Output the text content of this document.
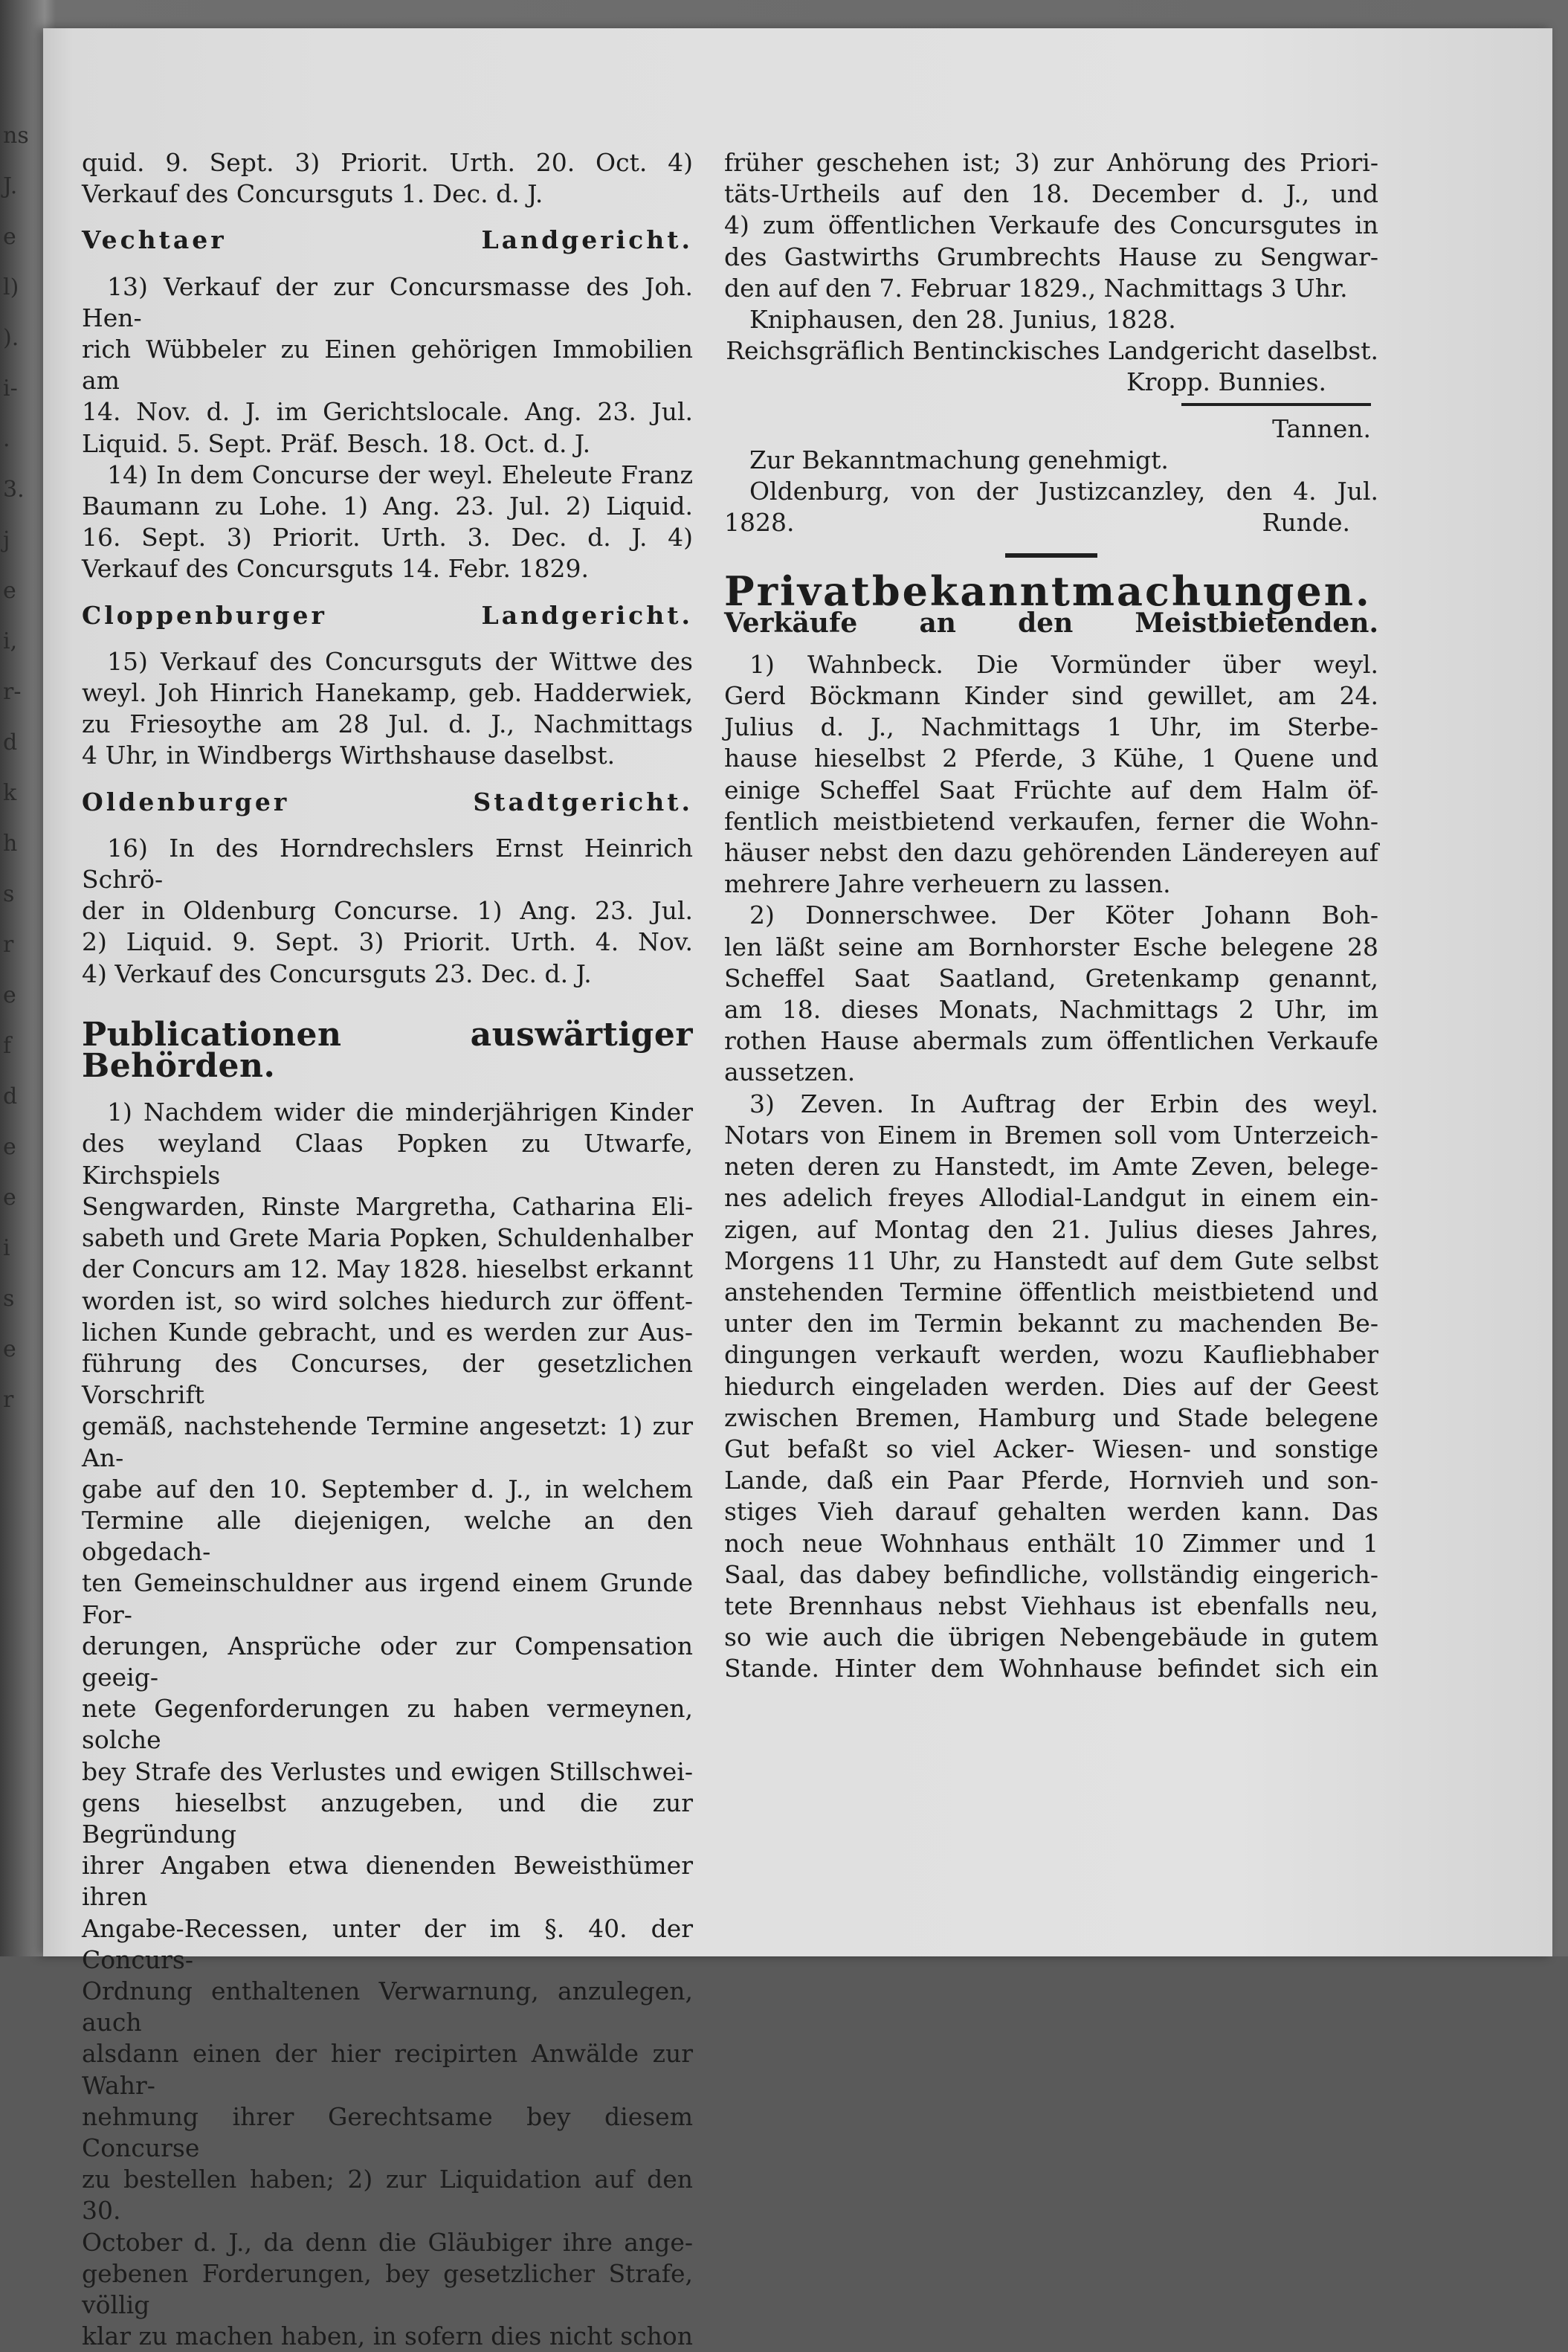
ns
J.
e
l)
).
i-
.
3.
j
e
i,
r-
d
k
h
s
r
e
f
d
e
e
i
s
e
r

quid. 9. Sept. 3) Priorit. Urth. 20. Oct. 4)

Verkauf des Concursguts 1. Dec. d. J.

Vechtaer Landgericht.

13) Verkauf der zur Concursmasse des Joh. Hen-

rich Wübbeler zu Einen gehörigen Immobilien am

14. Nov. d. J. im Gerichtslocale. Ang. 23. Jul.

Liquid. 5. Sept. Präf. Besch. 18. Oct. d. J.

14) In dem Concurse der weyl. Eheleute Franz

Baumann zu Lohe. 1) Ang. 23. Jul. 2) Liquid.

16. Sept. 3) Priorit. Urth. 3. Dec. d. J. 4)

Verkauf des Concursguts 14. Febr. 1829.

Cloppenburger Landgericht.

15) Verkauf des Concursguts der Wittwe des

weyl. Joh Hinrich Hanekamp, geb. Hadderwiek,

zu Friesoythe am 28 Jul. d. J., Nachmittags

4 Uhr, in Windbergs Wirthshause daselbst.

Oldenburger Stadtgericht.

16) In des Horndrechslers Ernst Heinrich Schrö-

der in Oldenburg Concurse. 1) Ang. 23. Jul.

2) Liquid. 9. Sept. 3) Priorit. Urth. 4. Nov.

4) Verkauf des Concursguts 23. Dec. d. J.

Publicationen auswärtiger Behörden.

1) Nachdem wider die minderjährigen Kinder

des weyland Claas Popken zu Utwarfe, Kirchspiels

Sengwarden, Rinste Margretha, Catharina Eli-

sabeth und Grete Maria Popken, Schuldenhalber

der Concurs am 12. May 1828. hieselbst erkannt

worden ist, so wird solches hiedurch zur öffent-

lichen Kunde gebracht, und es werden zur Aus-

führung des Concurses, der gesetzlichen Vorschrift

gemäß, nachstehende Termine angesetzt: 1) zur An-

gabe auf den 10. September d. J., in welchem

Termine alle diejenigen, welche an den obgedach-

ten Gemeinschuldner aus irgend einem Grunde For-

derungen, Ansprüche oder zur Compensation geeig-

nete Gegenforderungen zu haben vermeynen, solche

bey Strafe des Verlustes und ewigen Stillschwei-

gens hieselbst anzugeben, und die zur Begründung

ihrer Angaben etwa dienenden Beweisthümer ihren

Angabe-Recessen, unter der im §. 40. der Concurs-

Ordnung enthaltenen Verwarnung, anzulegen, auch

alsdann einen der hier recipirten Anwälde zur Wahr-

nehmung ihrer Gerechtsame bey diesem Concurse

zu bestellen haben; 2) zur Liquidation auf den 30.

October d. J., da denn die Gläubiger ihre ange-

gebenen Forderungen, bey gesetzlicher Strafe, völlig

klar zu machen haben, in sofern dies nicht schon

früher geschehen ist; 3) zur Anhörung des Priori-

täts-Urtheils auf den 18. December d. J., und

4) zum öffentlichen Verkaufe des Concursgutes in

des Gastwirths Grumbrechts Hause zu Sengwar-

den auf den 7. Februar 1829., Nachmittags 3 Uhr.

Kniphausen, den 28. Junius, 1828.

Reichsgräflich Bentinckisches Landgericht daselbst.

Kropp. Bunnies.

Tannen.

Zur Bekanntmachung genehmigt.

Oldenburg, von der Justizcanzley, den 4. Jul.

1828.	Runde.

Privatbekanntmachungen.

Verkäufe an den Meistbietenden.

1) Wahnbeck. Die Vormünder über weyl.

Gerd Böckmann Kinder sind gewillet, am 24.

Julius d. J., Nachmittags 1 Uhr, im Sterbe-

hause hieselbst 2 Pferde, 3 Kühe, 1 Quene und

einige Scheffel Saat Früchte auf dem Halm öf-

fentlich meistbietend verkaufen, ferner die Wohn-

häuser nebst den dazu gehörenden Ländereyen auf

mehrere Jahre verheuern zu lassen.

2) Donnerschwee. Der Köter Johann Boh-

len läßt seine am Bornhorster Esche belegene 28

Scheffel Saat Saatland, Gretenkamp genannt,

am 18. dieses Monats, Nachmittags 2 Uhr, im

rothen Hause abermals zum öffentlichen Verkaufe

aussetzen.

3) Zeven. In Auftrag der Erbin des weyl.

Notars von Einem in Bremen soll vom Unterzeich-

neten deren zu Hanstedt, im Amte Zeven, belege-

nes adelich freyes Allodial-Landgut in einem ein-

zigen, auf Montag den 21. Julius dieses Jahres,

Morgens 11 Uhr, zu Hanstedt auf dem Gute selbst

anstehenden Termine öffentlich meistbietend und

unter den im Termin bekannt zu machenden Be-

dingungen verkauft werden, wozu Kaufliebhaber

hiedurch eingeladen werden. Dies auf der Geest

zwischen Bremen, Hamburg und Stade belegene

Gut befaßt so viel Acker- Wiesen- und sonstige

Lande, daß ein Paar Pferde, Hornvieh und son-

stiges Vieh darauf gehalten werden kann. Das

noch neue Wohnhaus enthält 10 Zimmer und 1

Saal, das dabey befindliche, vollständig eingerich-

tete Brennhaus nebst Viehhaus ist ebenfalls neu,

so wie auch die übrigen Nebengebäude in gutem

Stande. Hinter dem Wohnhause befindet sich ein
